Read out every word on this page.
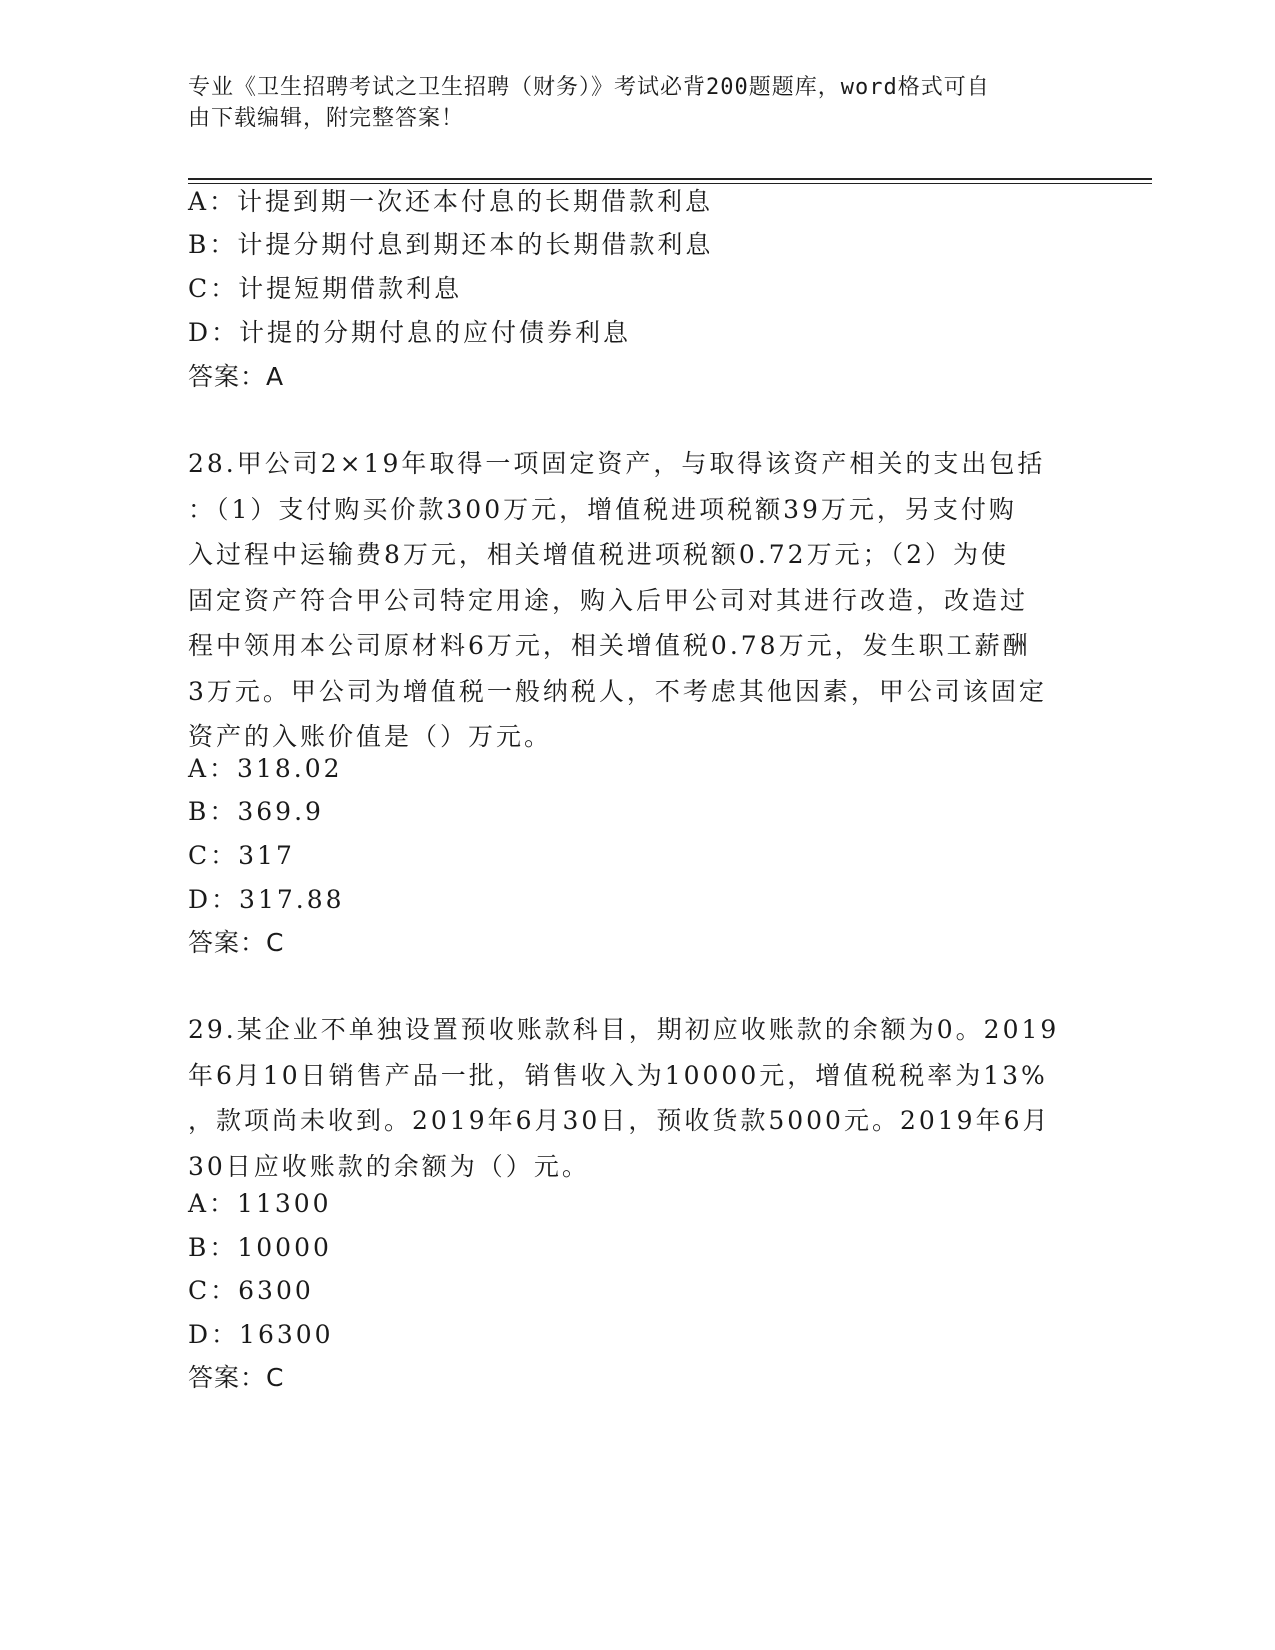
专业《卫生招聘考试之卫生招聘（财务）》考试必背200题题库，word格式可自

由下载编辑，附完整答案！

A：计提到期一次还本付息的长期借款利息

B：计提分期付息到期还本的长期借款利息

C：计提短期借款利息

D：计提的分期付息的应付债券利息

答案：A

28.甲公司2×19年取得一项固定资产，与取得该资产相关的支出包括
：（1）支付购买价款300万元，增值税进项税额39万元，另支付购
入过程中运输费8万元，相关增值税进项税额0.72万元；（2）为使
固定资产符合甲公司特定用途，购入后甲公司对其进行改造，改造过
程中领用本公司原材料6万元，相关增值税0.78万元，发生职工薪酬
3万元。甲公司为增值税一般纳税人，不考虑其他因素，甲公司该固定
资产的入账价值是（）万元。

A：318.02

B：369.9

C：317

D：317.88

答案：C

29.某企业不单独设置预收账款科目，期初应收账款的余额为0。2019
年6月10日销售产品一批，销售收入为10000元，增值税税率为13%
，款项尚未收到。2019年6月30日，预收货款5000元。2019年6月
30日应收账款的余额为（）元。

A：11300

B：10000

C：6300

D：16300

答案：C
